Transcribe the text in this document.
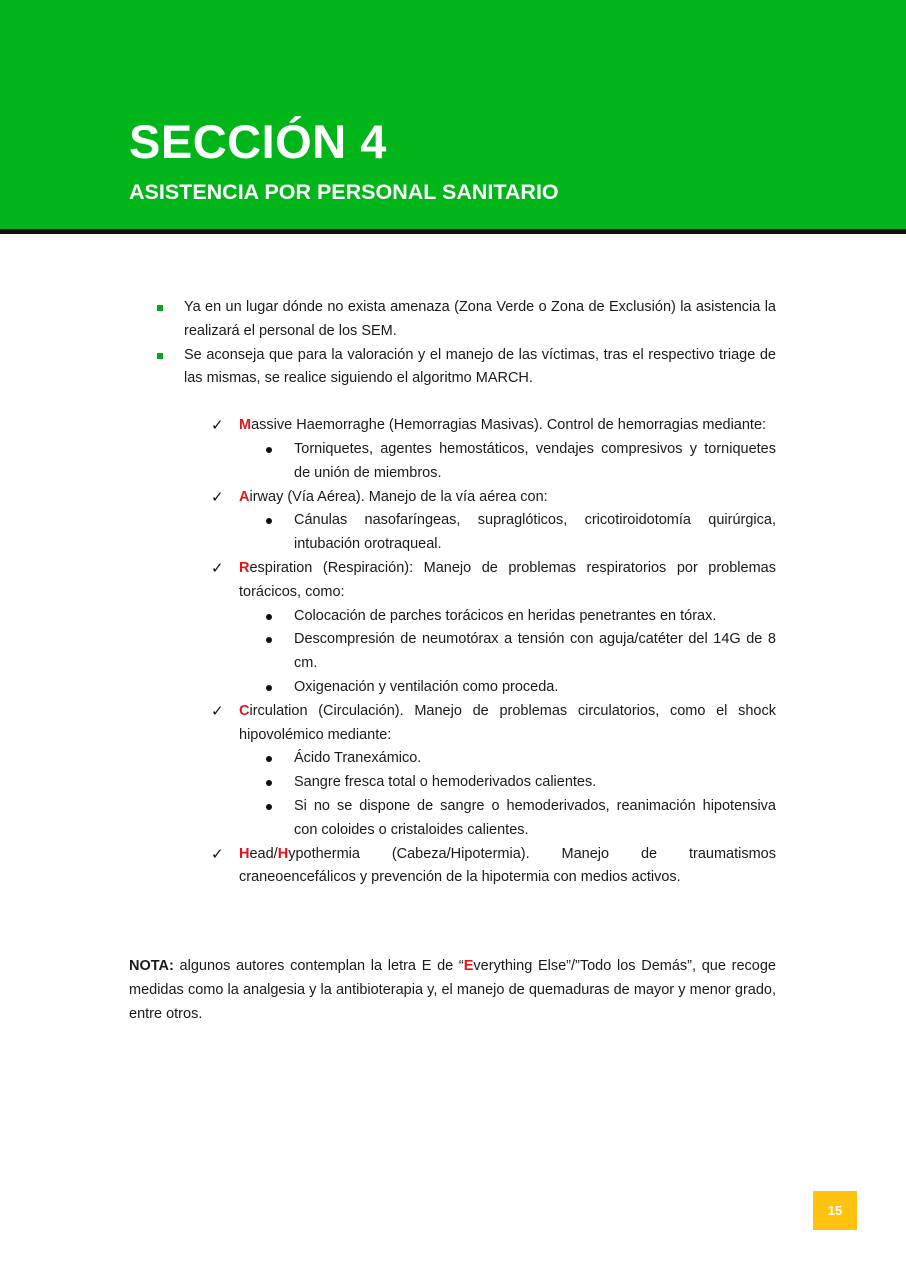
SECCIÓN 4
ASISTENCIA POR PERSONAL SANITARIO
Ya en un lugar dónde no exista amenaza (Zona Verde o Zona de Exclusión) la asistencia la realizará el personal de los SEM.
Se aconseja que para la valoración y el manejo de las víctimas, tras el respectivo triage de las mismas, se realice siguiendo el algoritmo MARCH.
✓ Massive Haemorraghe (Hemorragias Masivas). Control de hemorragias mediante:
Torniquetes, agentes hemostáticos, vendajes compresivos y torniquetes de unión de miembros.
✓ Airway (Vía Aérea). Manejo de la vía aérea con:
Cánulas nasofaríngeas, supraglóticos, cricotiroidotomía quirúrgica, intubación orotraqueal.
✓ Respiration (Respiración): Manejo de problemas respiratorios por problemas torácicos, como:
Colocación de parches torácicos en heridas penetrantes en tórax.
Descompresión de neumotórax a tensión con aguja/catéter del 14G de 8 cm.
Oxigenación y ventilación como proceda.
✓ Circulation (Circulación). Manejo de problemas circulatorios, como el shock hipovolémico mediante:
Ácido Tranexámico.
Sangre fresca total o hemoderivados calientes.
Si no se dispone de sangre o hemoderivados, reanimación hipotensiva con coloides o cristaloides calientes.
✓ Head/Hypothermia (Cabeza/Hipotermia). Manejo de traumatismos craneoencefálicos y prevención de la hipotermia con medios activos.

NOTA: algunos autores contemplan la letra E de “Everything Else”/”Todo los Demás”, que recoge medidas como la analgesia y la antibioterapia y, el manejo de quemaduras de mayor y menor grado, entre otros.

15
